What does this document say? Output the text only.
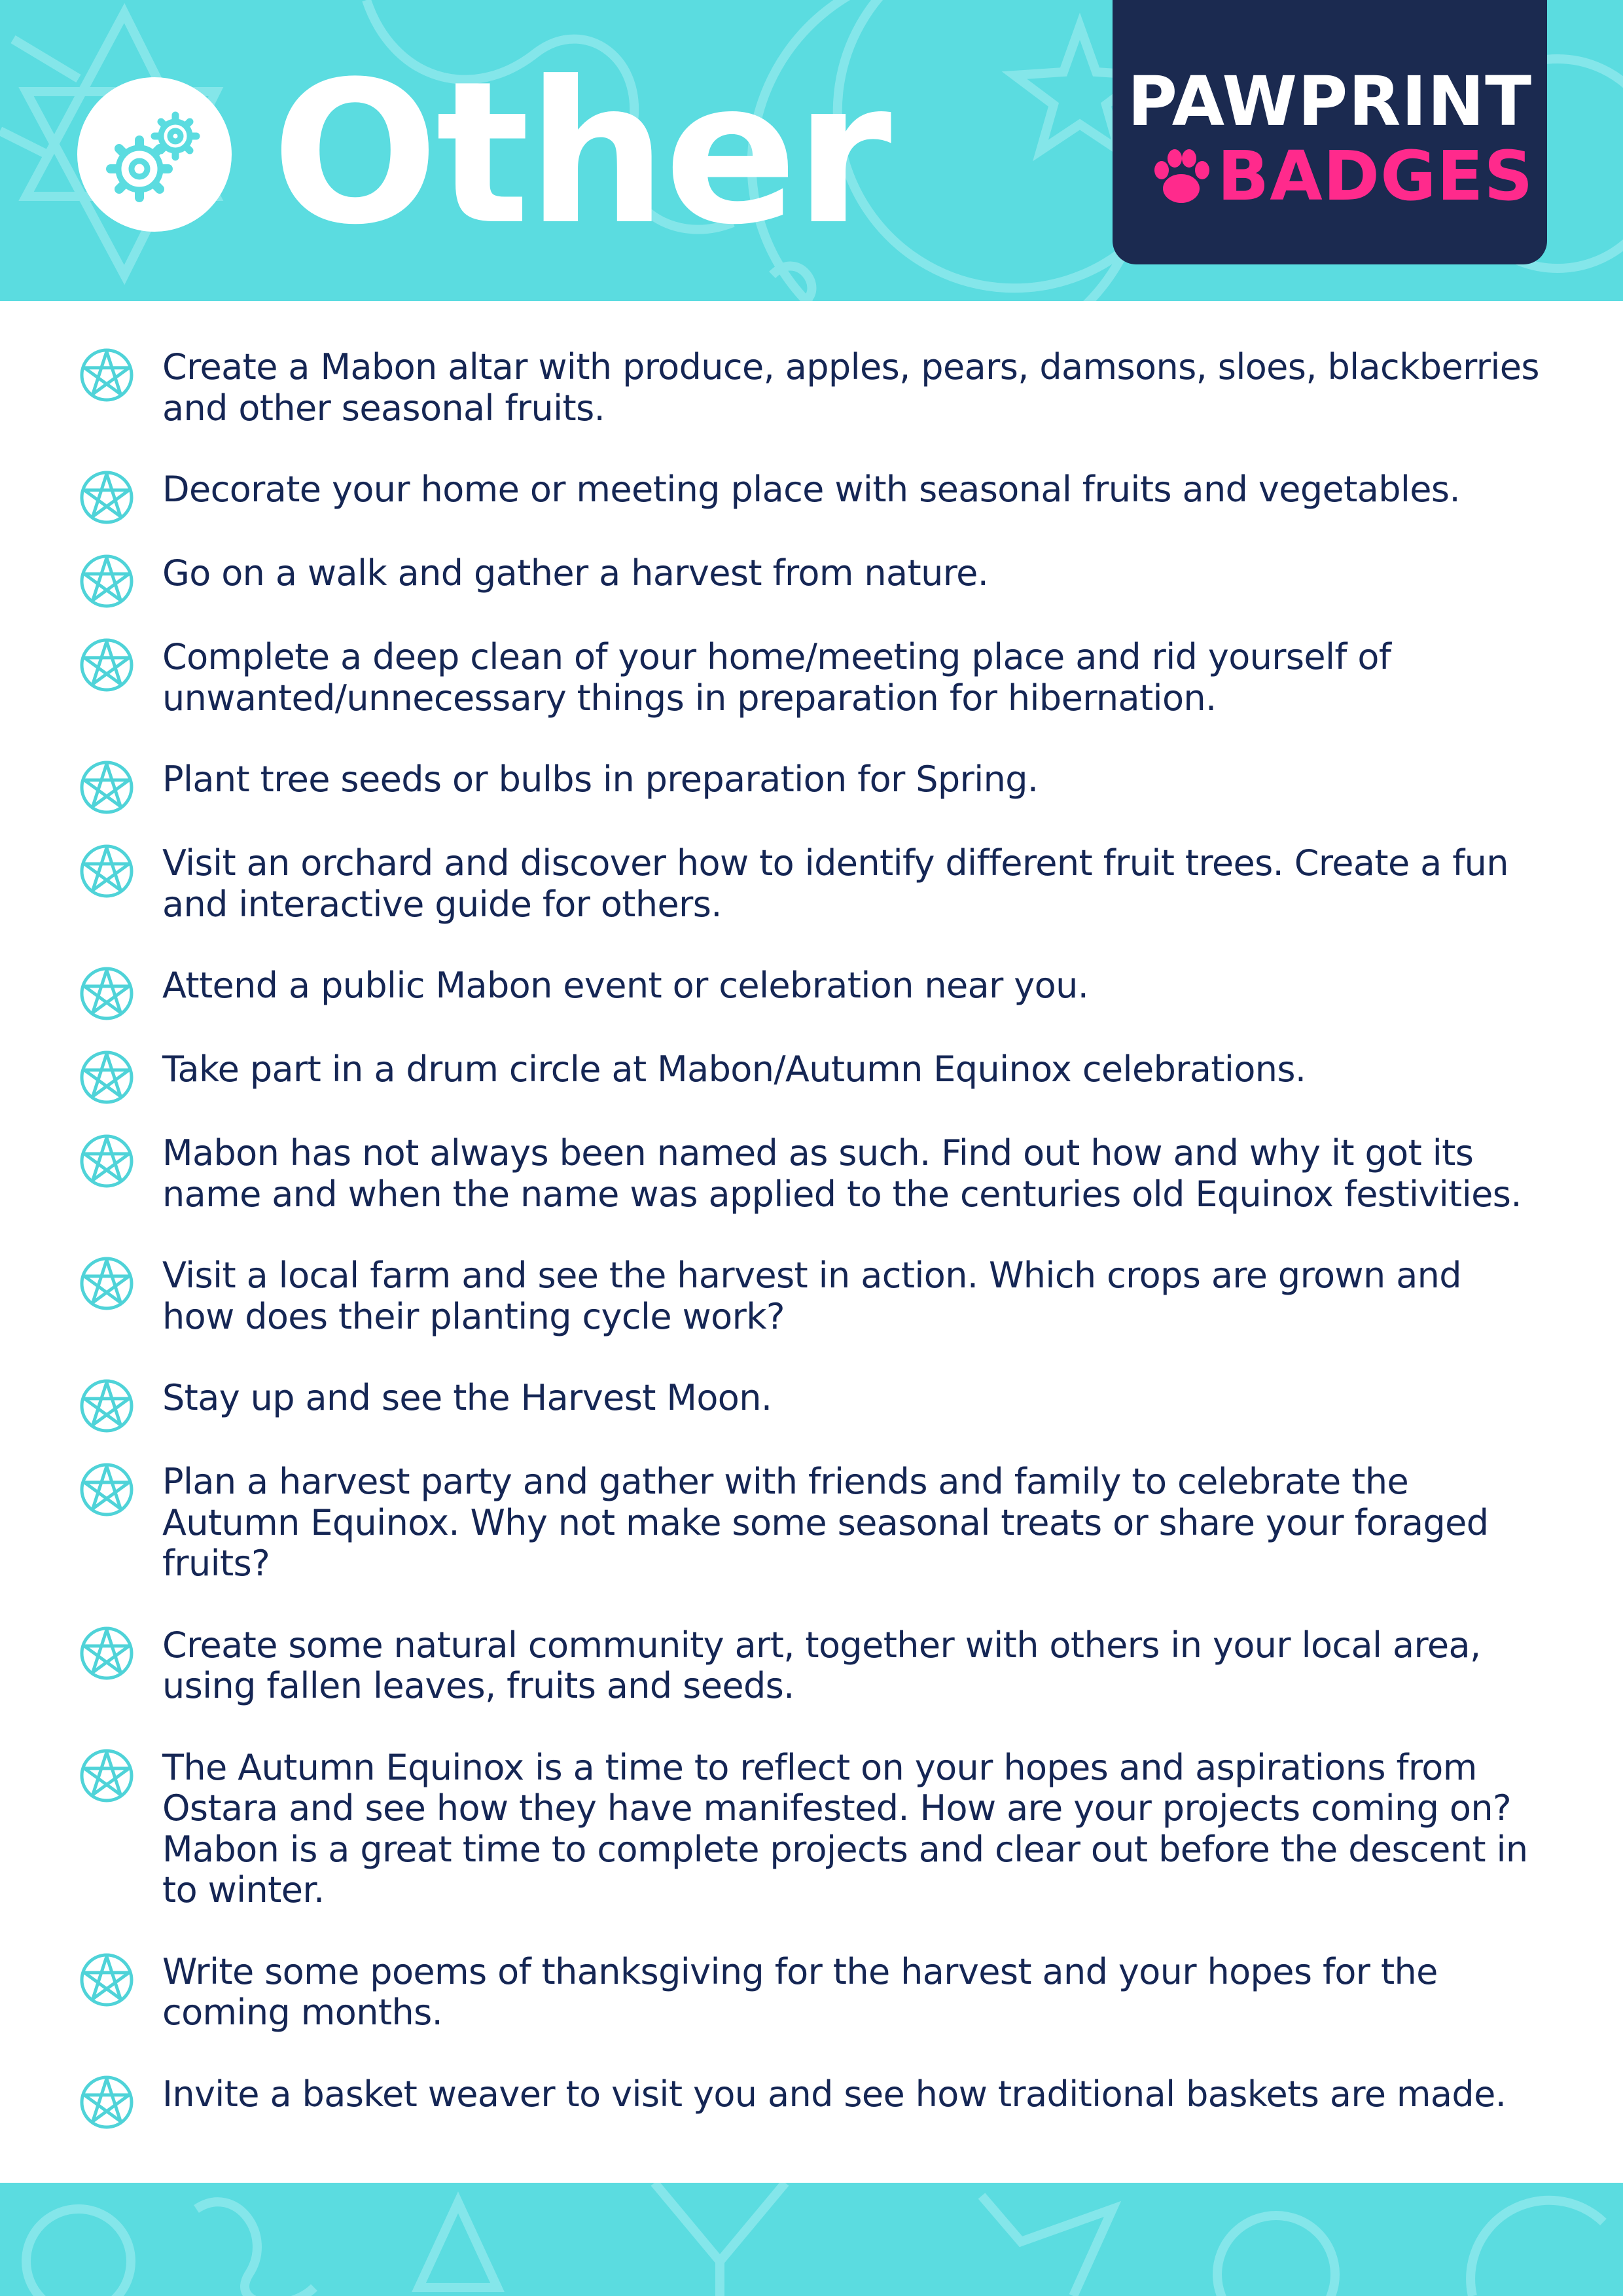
Other	PAWPRINT
BADGES
Create a Mabon altar with produce, apples, pears, damsons, sloes, blackberries and other seasonal fruits.
Decorate your home or meeting place with seasonal fruits and vegetables.
Go on a walk and gather a harvest from nature.
Complete a deep clean of your home/meeting place and rid yourself of unwanted/unnecessary things in preparation for hibernation.
Plant tree seeds or bulbs in preparation for Spring.
Visit an orchard and discover how to identify different fruit trees. Create a fun and interactive guide for others.
Attend a public Mabon event or celebration near you.
Take part in a drum circle at Mabon/Autumn Equinox celebrations.
Mabon has not always been named as such. Find out how and why it got its name and when the name was applied to the centuries old Equinox festivities.
Visit a local farm and see the harvest in action. Which crops are grown and how does their planting cycle work?
Stay up and see the Harvest Moon.
Plan a harvest party and gather with friends and family to celebrate the Autumn Equinox. Why not make some seasonal treats or share your foraged fruits?
Create some natural community art, together with others in your local area, using fallen leaves, fruits and seeds.
The Autumn Equinox is a time to reflect on your hopes and aspirations from Ostara and see how they have manifested. How are your projects coming on? Mabon is a great time to complete projects and clear out before the descent in to winter.
Write some poems of thanksgiving for the harvest and your hopes for the coming months.
Invite a basket weaver to visit you and see how traditional baskets are made.
